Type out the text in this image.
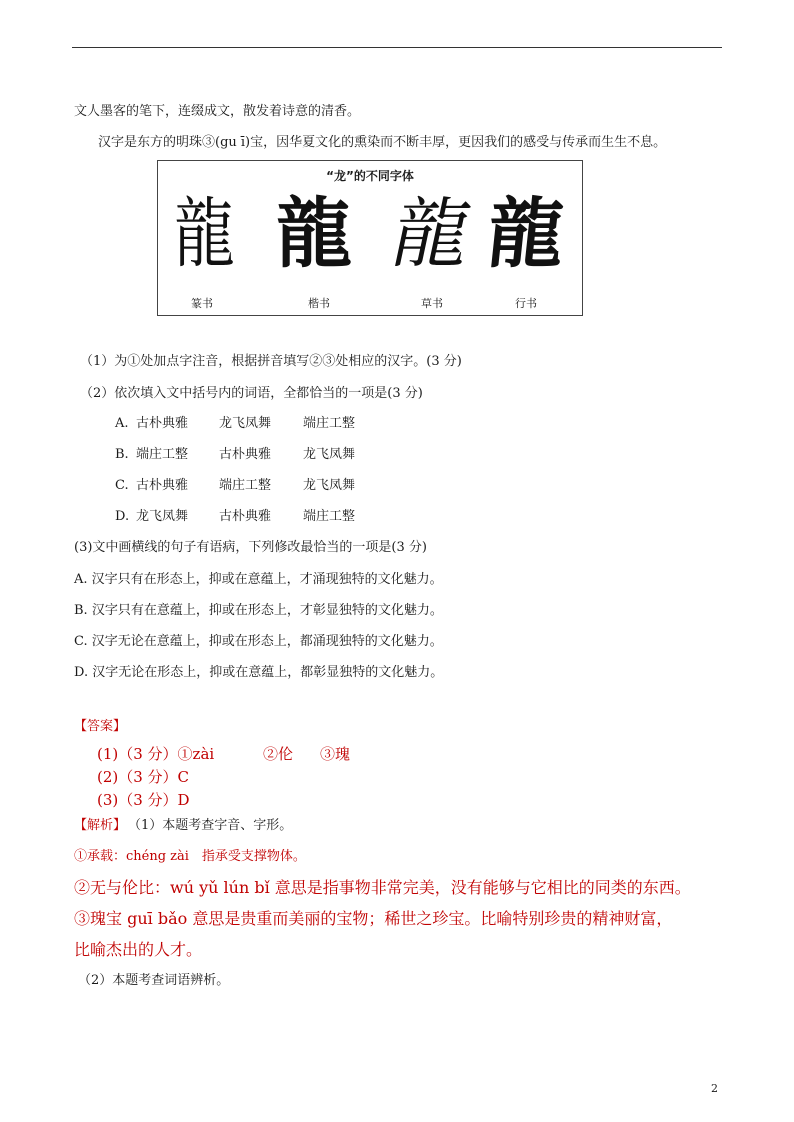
文人墨客的笔下，连缀成文，散发着诗意的清香。
汉字是东方的明珠③(gu ī)宝，因华夏文化的熏染而不断丰厚，更因我们的感受与传承而生生不息。
“龙”的不同字体
龍 龍 龍 龍
篆书	楷书	草书	行书
（1）为①处加点字注音，根据拼音填写②③处相应的汉字。(3 分)
（2）依次填入文中括号内的词语，全都恰当的一项是(3 分)
A. 古朴典雅 龙飞凤舞 端庄工整
B. 端庄工整 古朴典雅 龙飞凤舞
C. 古朴典雅 端庄工整 龙飞凤舞
D. 龙飞凤舞 古朴典雅 端庄工整
(3)文中画横线的句子有语病，下列修改最恰当的一项是(3 分)
A. 汉字只有在形态上，抑或在意蕴上，才涌现独特的文化魅力。
B. 汉字只有在意蕴上，抑或在形态上，才彰显独特的文化魅力。
C. 汉字无论在意蕴上，抑或在形态上，都涌现独特的文化魅力。
D. 汉字无论在形态上，抑或在意蕴上，都彰显独特的文化魅力。
【答案】
(1)（3 分）①zài	②伦 ③瑰
(2)（3 分）C
(3)（3 分）D
【解析】 （1）本题考查字音、字形。
①承载：chéng zài　指承受支撑物体。
②无与伦比：wú yǔ lún bǐ 意思是指事物非常完美，没有能够与它相比的同类的东西。
③瑰宝 guī bǎo 意思是贵重而美丽的宝物；稀世之珍宝。比喻特别珍贵的精神财富，
比喻杰出的人才。
（2）本题考查词语辨析。
2
